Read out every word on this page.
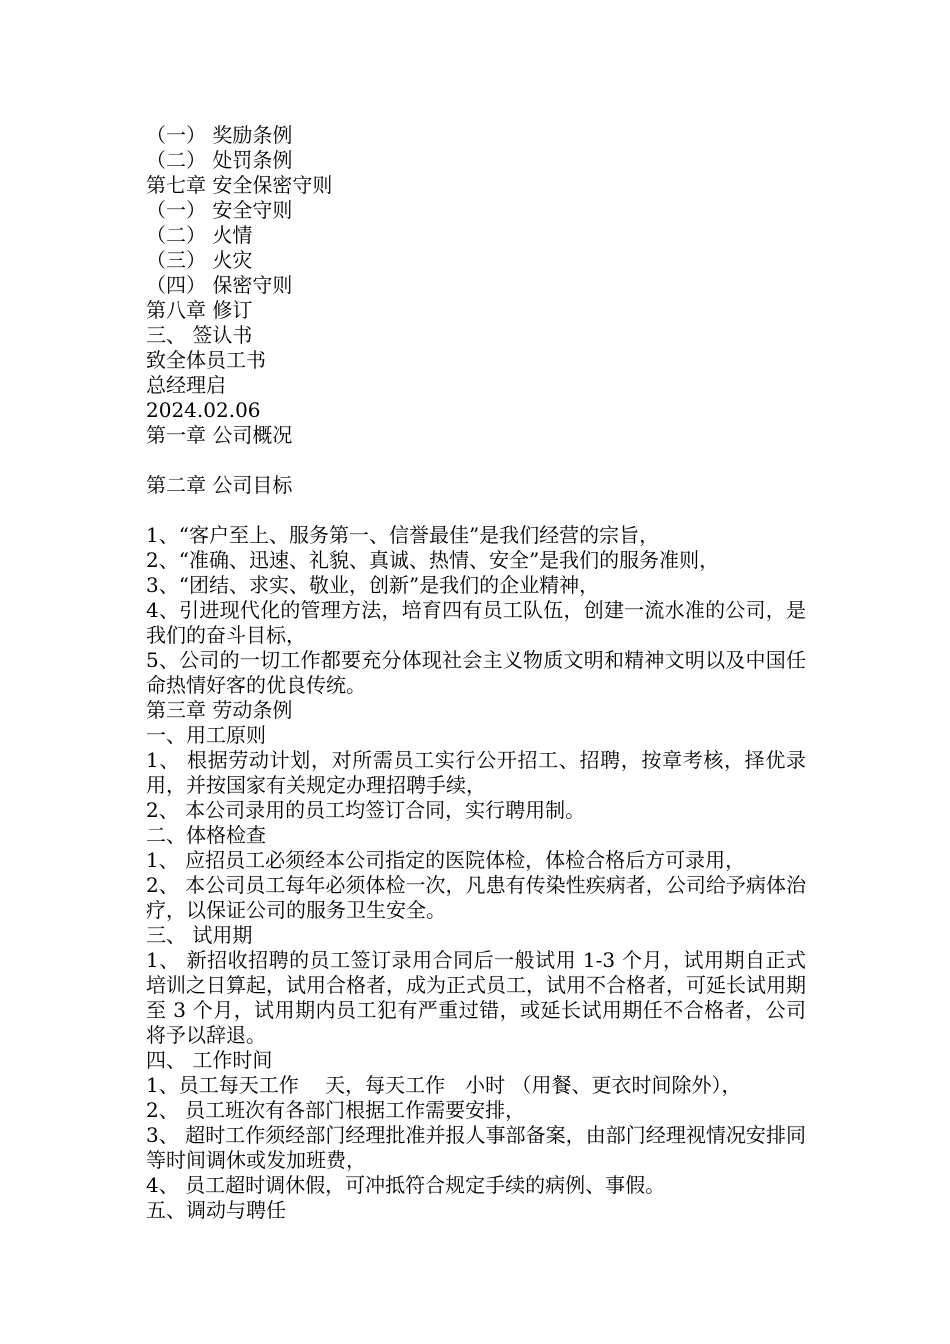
（一） 奖励条例
（二） 处罚条例
第七章 安全保密守则
（一） 安全守则
（二） 火情
（三） 火灾
（四） 保密守则
第八章 修订
三、 签认书
致全体员工书
总经理启
2024.02.06
第一章 公司概况
第二章 公司目标
1、“客户至上、服务第一、信誉最佳”是我们经营的宗旨，
2、“准确、迅速、礼貌、真诚、热情、安全”是我们的服务准则，
3、“团结、求实、敬业，创新”是我们的企业精神，
4、引进现代化的管理方法，培育四有员工队伍，创建一流水准的公司，是我们的奋斗目标，
5、公司的一切工作都要充分体现社会主义物质文明和精神文明以及中国任命热情好客的优良传统。
第三章 劳动条例
一、用工原则
1、 根据劳动计划，对所需员工实行公开招工、招聘，按章考核，择优录用，并按国家有关规定办理招聘手续，
2、 本公司录用的员工均签订合同，实行聘用制。
二、体格检查
1、 应招员工必须经本公司指定的医院体检，体检合格后方可录用，
2、 本公司员工每年必须体检一次，凡患有传染性疾病者，公司给予病体治疗，以保证公司的服务卫生安全。
三、 试用期
1、 新招收招聘的员工签订录用合同后一般试用 1-3 个月，试用期自正式培训之日算起，试用合格者，成为正式员工，试用不合格者，可延长试用期至 3 个月，试用期内员工犯有严重过错，或延长试用期任不合格者，公司将予以辞退。
四、 工作时间
1、员工每天工作　 天，每天工作　小时 （用餐、更衣时间除外），
2、 员工班次有各部门根据工作需要安排，
3、 超时工作须经部门经理批准并报人事部备案，由部门经理视情况安排同等时间调休或发加班费，
4、 员工超时调休假，可冲抵符合规定手续的病例、事假。
五、调动与聘任
